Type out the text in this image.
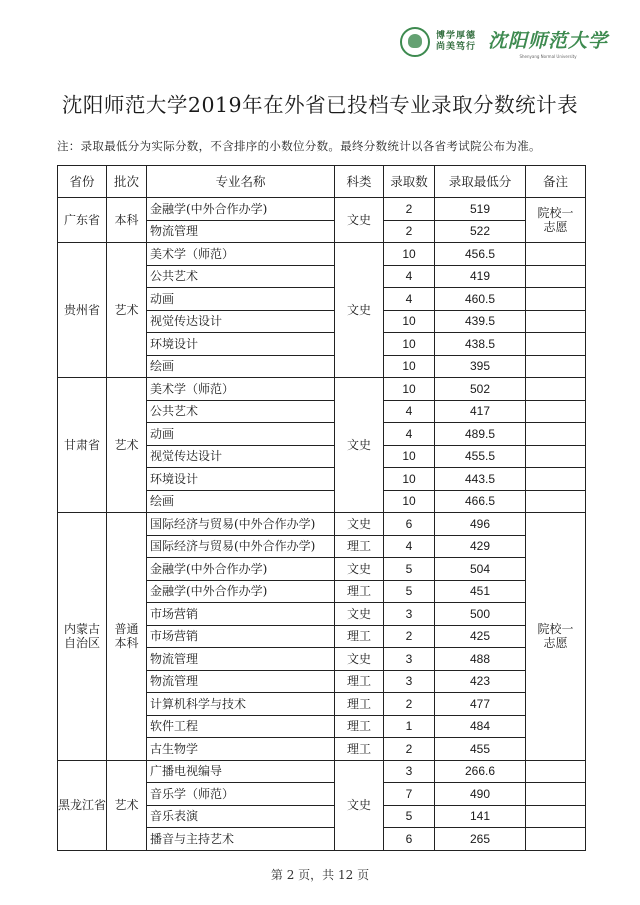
博学厚德
尚美笃行 沈阳师范大学
Shenyang Normal University
沈阳师范大学2019年在外省已投档专业录取分数统计表
注：录取最低分为实际分数，不含排序的小数位分数。最终分数统计以各省考试院公布为准。
省份	批次	专业名称	科类	录取数	录取最低分	备注
广东省	本科	金融学(中外合作办学)	文史	2	519	院校一志愿
		物流管理		2	522	
贵州省	艺术	美术学（师范）	文史	10	456.5	
		公共艺术		4	419	
		动画		4	460.5	
		视觉传达设计		10	439.5	
		环境设计		10	438.5	
		绘画		10	395	
甘肃省	艺术	美术学（师范）	文史	10	502	
		公共艺术		4	417	
		动画		4	489.5	
		视觉传达设计		10	455.5	
		环境设计		10	443.5	
		绘画		10	466.5	
内蒙古自治区	普通本科	国际经济与贸易(中外合作办学)	文史	6	496	院校一志愿
		国际经济与贸易(中外合作办学)	理工	4	429	
		金融学(中外合作办学)	文史	5	504	
		金融学(中外合作办学)	理工	5	451	
		市场营销	文史	3	500	
		市场营销	理工	2	425	
		物流管理	文史	3	488	
		物流管理	理工	3	423	
		计算机科学与技术	理工	2	477	
		软件工程	理工	1	484	
		古生物学	理工	2	455	
黑龙江省	艺术	广播电视编导	文史	3	266.6	
		音乐学（师范）		7	490	
		音乐表演		5	141	
		播音与主持艺术		6	265	
第 2 页，共 12 页
